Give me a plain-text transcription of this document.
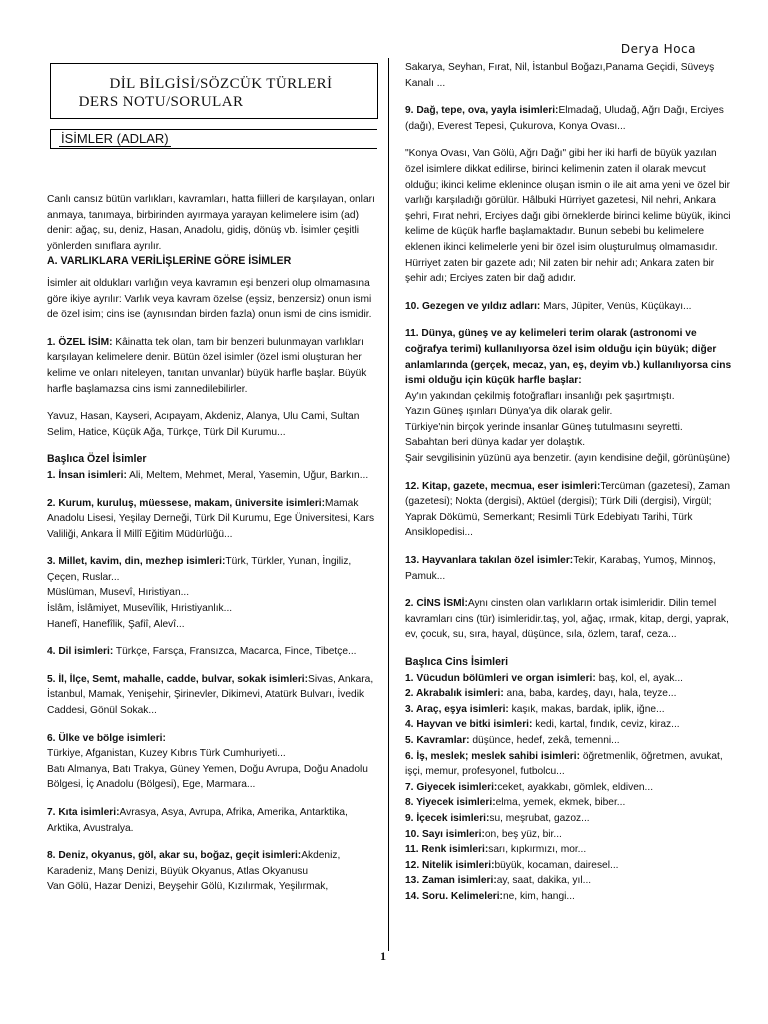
Derya Hoca
DİL BİLGİSİ/SÖZCÜK TÜRLERİ
DERS NOTU/SORULAR
İSİMLER (ADLAR)

Canlı cansız bütün varlıkları, kavramları, hatta fiilleri de karşılayan, onları anmaya, tanımaya, birbirinden ayırmaya yarayan kelimelere isim (ad) denir: ağaç, su, deniz, Hasan, Anadolu, gidiş, dönüş vb. İsimler çeşitli yönlerden sınıflara ayrılır.

A. VARLIKLARA VERİLİŞLERİNE GÖRE İSİMLER

İsimler ait oldukları varlığın veya kavramın eşi benzeri olup olmamasına göre ikiye ayrılır: Varlık veya kavram özelse (eşsiz, benzersiz) onun ismi de özel isim; cins ise (aynısından birden fazla) onun ismi de cins ismidir.

1. ÖZEL İSİM: Kâinatta tek olan, tam bir benzeri bulunmayan varlıkları karşılayan kelimelere denir. Bütün özel isimler (özel ismi oluşturan her kelime ve onları niteleyen, tanıtan unvanlar) büyük harfle başlar. Büyük harfle başlamazsa cins ismi zannedilebilirler.

Yavuz, Hasan, Kayseri, Acıpayam, Akdeniz, Alanya, Ulu Cami, Sultan Selim, Hatice, Küçük Ağa, Türkçe, Türk Dil Kurumu...

Başlıca Özel İsimler

1. İnsan isimleri: Ali, Meltem, Mehmet, Meral, Yasemin, Uğur, Barkın...

2. Kurum, kuruluş, müessese, makam, üniversite isimleri:Mamak Anadolu Lisesi, Yeşilay Derneği, Türk Dil Kurumu, Ege Üniversitesi, Kars Valiliği, Ankara İl Millî Eğitim Müdürlüğü...

3. Millet, kavim, din, mezhep isimleri:Türk, Türkler, Yunan, İngiliz, Çeçen, Ruslar...
Müslüman, Musevî, Hıristiyan...
İslâm, İslâmiyet, Musevîlik, Hıristiyanlık...
Hanefî, Hanefîlik, Şafiî, Alevî...

4. Dil isimleri: Türkçe, Farsça, Fransızca, Macarca, Fince, Tibetçe...

5. İl, İlçe, Semt, mahalle, cadde, bulvar, sokak isimleri:Sivas, Ankara, İstanbul, Mamak, Yenişehir, Şirinevler, Dikimevi, Atatürk Bulvarı, İvedik Caddesi, Gönül Sokak...

6. Ülke ve bölge isimleri:
Türkiye, Afganistan, Kuzey Kıbrıs Türk Cumhuriyeti...
Batı Almanya, Batı Trakya, Güney Yemen, Doğu Avrupa, Doğu Anadolu Bölgesi, İç Anadolu (Bölgesi), Ege, Marmara...

7. Kıta isimleri:Avrasya, Asya, Avrupa, Afrika, Amerika, Antarktika, Arktika, Avustralya.

8. Deniz, okyanus, göl, akar su, boğaz, geçit isimleri:Akdeniz, Karadeniz, Manş Denizi, Büyük Okyanus, Atlas Okyanusu
Van Gölü, Hazar Denizi, Beyşehir Gölü, Kızılırmak, Yeşilırmak,

Sakarya, Seyhan, Fırat, Nil, İstanbul Boğazı,Panama Geçidi, Süveyş Kanalı ...

9. Dağ, tepe, ova, yayla isimleri:Elmadağ, Uludağ, Ağrı Dağı, Erciyes (dağı), Everest Tepesi, Çukurova, Konya Ovası...

"Konya Ovası, Van Gölü, Ağrı Dağı" gibi her iki harfi de büyük yazılan özel isimlere dikkat edilirse, birinci kelimenin zaten il olarak mevcut olduğu; ikinci kelime eklenince oluşan ismin o ile ait ama yeni ve özel bir varlığı karşıladığı görülür. Hâlbuki Hürriyet gazetesi, Nil nehri, Ankara şehri, Fırat nehri, Erciyes dağı gibi örneklerde birinci kelime büyük, ikinci kelime de küçük harfle başlamaktadır. Bunun sebebi bu kelimelere eklenen ikinci kelimelerle yeni bir özel isim oluşturulmuş olmamasıdır. Hürriyet zaten bir gazete adı; Nil zaten bir nehir adı; Ankara zaten bir şehir adı; Erciyes zaten bir dağ adıdır.

10. Gezegen ve yıldız adları: Mars, Jüpiter, Venüs, Küçükayı...

11. Dünya, güneş ve ay kelimeleri terim olarak (astronomi ve coğrafya terimi) kullanılıyorsa özel isim olduğu için büyük; diğer anlamlarında (gerçek, mecaz, yan, eş, deyim vb.) kullanılıyorsa cins ismi olduğu için küçük harfle başlar:
Ay'ın yakından çekilmiş fotoğrafları insanlığı pek şaşırtmıştı.
Yazın Güneş ışınları Dünya'ya dik olarak gelir.
Türkiye'nin birçok yerinde insanlar Güneş tutulmasını seyretti.
Sabahtan beri dünya kadar yer dolaştık.
Şair sevgilisinin yüzünü aya benzetir. (ayın kendisine değil, görünüşüne)

12. Kitap, gazete, mecmua, eser isimleri:Tercüman (gazetesi), Zaman (gazetesi); Nokta (dergisi), Aktüel (dergisi); Türk Dili (dergisi), Virgül; Yaprak Dökümü, Semerkant; Resimli Türk Edebiyatı Tarihi, Türk Ansiklopedisi...

13. Hayvanlara takılan özel isimler:Tekir, Karabaş, Yumoş, Minnoş, Pamuk...

2. CİNS İSMİ:Aynı cinsten olan varlıkların ortak isimleridir. Dilin temel kavramları cins (tür) isimleridir.taş, yol, ağaç, ırmak, kitap, dergi, yaprak, ev, çocuk, su, sıra, hayal, düşünce, sıla, özlem, taraf, ceza...

Başlıca Cins İsimleri

1. Vücudun bölümleri ve organ isimleri: baş, kol, el, ayak...

2. Akrabalık isimleri: ana, baba, kardeş, dayı, hala, teyze...

3. Araç, eşya isimleri: kaşık, makas, bardak, iplik, iğne...

4. Hayvan ve bitki isimleri: kedi, kartal, fındık, ceviz, kiraz...

5. Kavramlar: düşünce, hedef, zekâ, temenni...

6. İş, meslek; meslek sahibi isimleri: öğretmenlik, öğretmen, avukat, işçi, memur, profesyonel, futbolcu...

7. Giyecek isimleri:ceket, ayakkabı, gömlek, eldiven...

8. Yiyecek isimleri:elma, yemek, ekmek, biber...

9. İçecek isimleri:su, meşrubat, gazoz...

10. Sayı isimleri:on, beş yüz, bir...

11. Renk isimleri:sarı, kıpkırmızı, mor...

12. Nitelik isimleri:büyük, kocaman, dairesel...

13. Zaman isimleri:ay, saat, dakika, yıl...

14. Soru. Kelimeleri:ne, kim, hangi...

1
